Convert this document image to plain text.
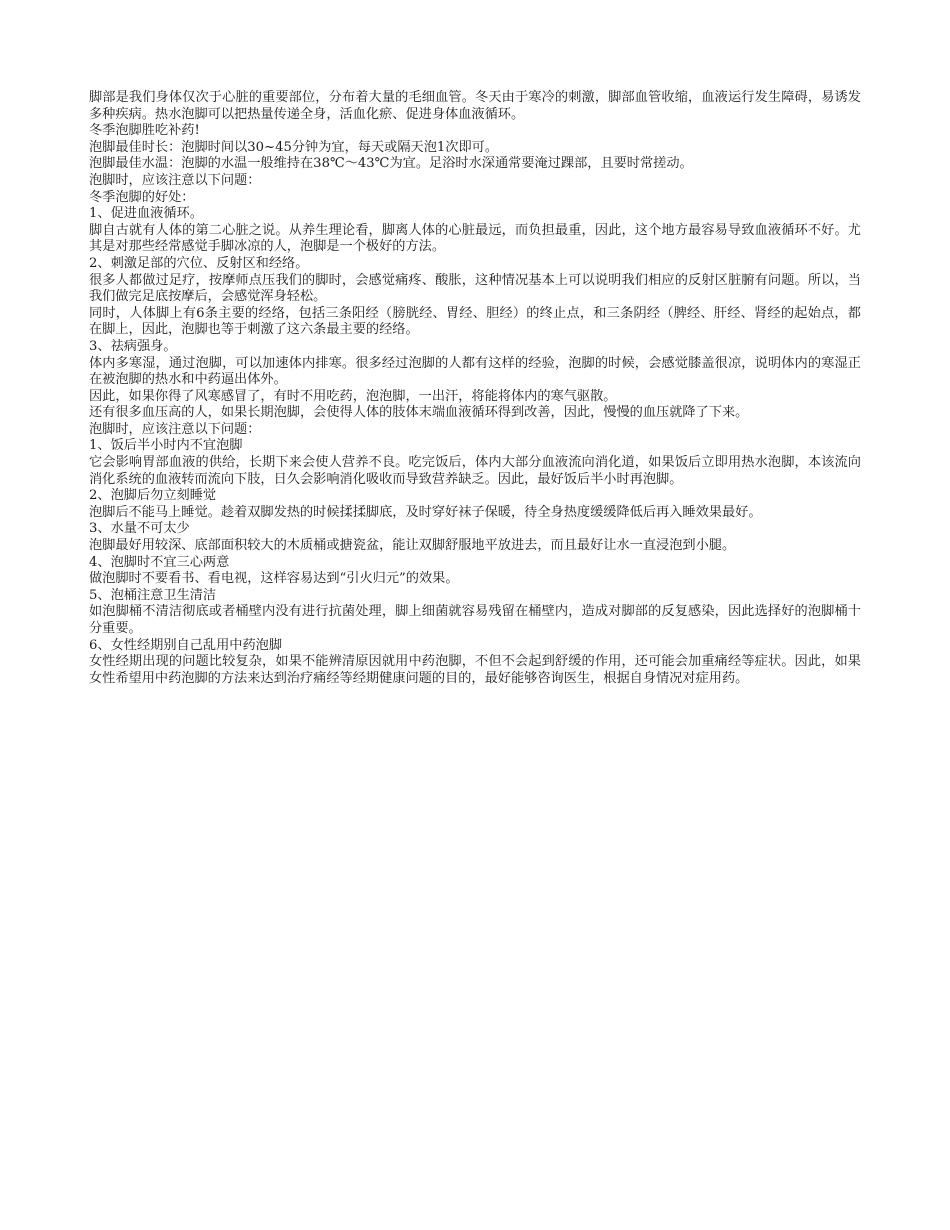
脚部是我们身体仅次于心脏的重要部位，分布着大量的毛细血管。冬天由于寒冷的刺激，脚部血管收缩，血液运行发生障碍，易诱发多种疾病。热水泡脚可以把热量传递全身，活血化瘀、促进身体血液循环。

冬季泡脚胜吃补药!

泡脚最佳时长：泡脚时间以30~45分钟为宜，每天或隔天泡1次即可。

泡脚最佳水温：泡脚的水温一般维持在38℃～43℃为宜。足浴时水深通常要淹过踝部，且要时常搓动。

泡脚时，应该注意以下问题：

冬季泡脚的好处：

1、促进血液循环。

脚自古就有人体的第二心脏之说。从养生理论看，脚离人体的心脏最远，而负担最重，因此，这个地方最容易导致血液循环不好。尤其是对那些经常感觉手脚冰凉的人，泡脚是一个极好的方法。

2、刺激足部的穴位、反射区和经络。

很多人都做过足疗，按摩师点压我们的脚时，会感觉痛疼、酸胀，这种情况基本上可以说明我们相应的反射区脏腑有问题。所以，当我们做完足底按摩后，会感觉浑身轻松。

同时，人体脚上有6条主要的经络，包括三条阳经（膀胱经、胃经、胆经）的终止点，和三条阴经（脾经、肝经、肾经的起始点，都在脚上，因此，泡脚也等于刺激了这六条最主要的经络。

3、祛病强身。

体内多寒湿，通过泡脚，可以加速体内排寒。很多经过泡脚的人都有这样的经验，泡脚的时候，会感觉膝盖很凉，说明体内的寒湿正在被泡脚的热水和中药逼出体外。

因此，如果你得了风寒感冒了，有时不用吃药，泡泡脚，一出汗，将能将体内的寒气驱散。

还有很多血压高的人，如果长期泡脚，会使得人体的肢体末端血液循环得到改善，因此，慢慢的血压就降了下来。

泡脚时，应该注意以下问题：

1、饭后半小时内不宜泡脚

它会影响胃部血液的供给，长期下来会使人营养不良。吃完饭后，体内大部分血液流向消化道，如果饭后立即用热水泡脚，本该流向消化系统的血液转而流向下肢，日久会影响消化吸收而导致营养缺乏。因此，最好饭后半小时再泡脚。

2、泡脚后勿立刻睡觉

泡脚后不能马上睡觉。趁着双脚发热的时候揉揉脚底，及时穿好袜子保暖，待全身热度缓缓降低后再入睡效果最好。

3、水量不可太少

泡脚最好用较深、底部面积较大的木质桶或搪瓷盆，能让双脚舒服地平放进去，而且最好让水一直浸泡到小腿。

4、泡脚时不宜三心两意

做泡脚时不要看书、看电视，这样容易达到“引火归元”的效果。

5、泡桶注意卫生清洁

如泡脚桶不清洁彻底或者桶壁内没有进行抗菌处理，脚上细菌就容易残留在桶壁内，造成对脚部的反复感染，因此选择好的泡脚桶十分重要。

6、女性经期别自己乱用中药泡脚

女性经期出现的问题比较复杂，如果不能辨清原因就用中药泡脚，不但不会起到舒缓的作用，还可能会加重痛经等症状。因此，如果女性希望用中药泡脚的方法来达到治疗痛经等经期健康问题的目的，最好能够咨询医生，根据自身情况对症用药。
